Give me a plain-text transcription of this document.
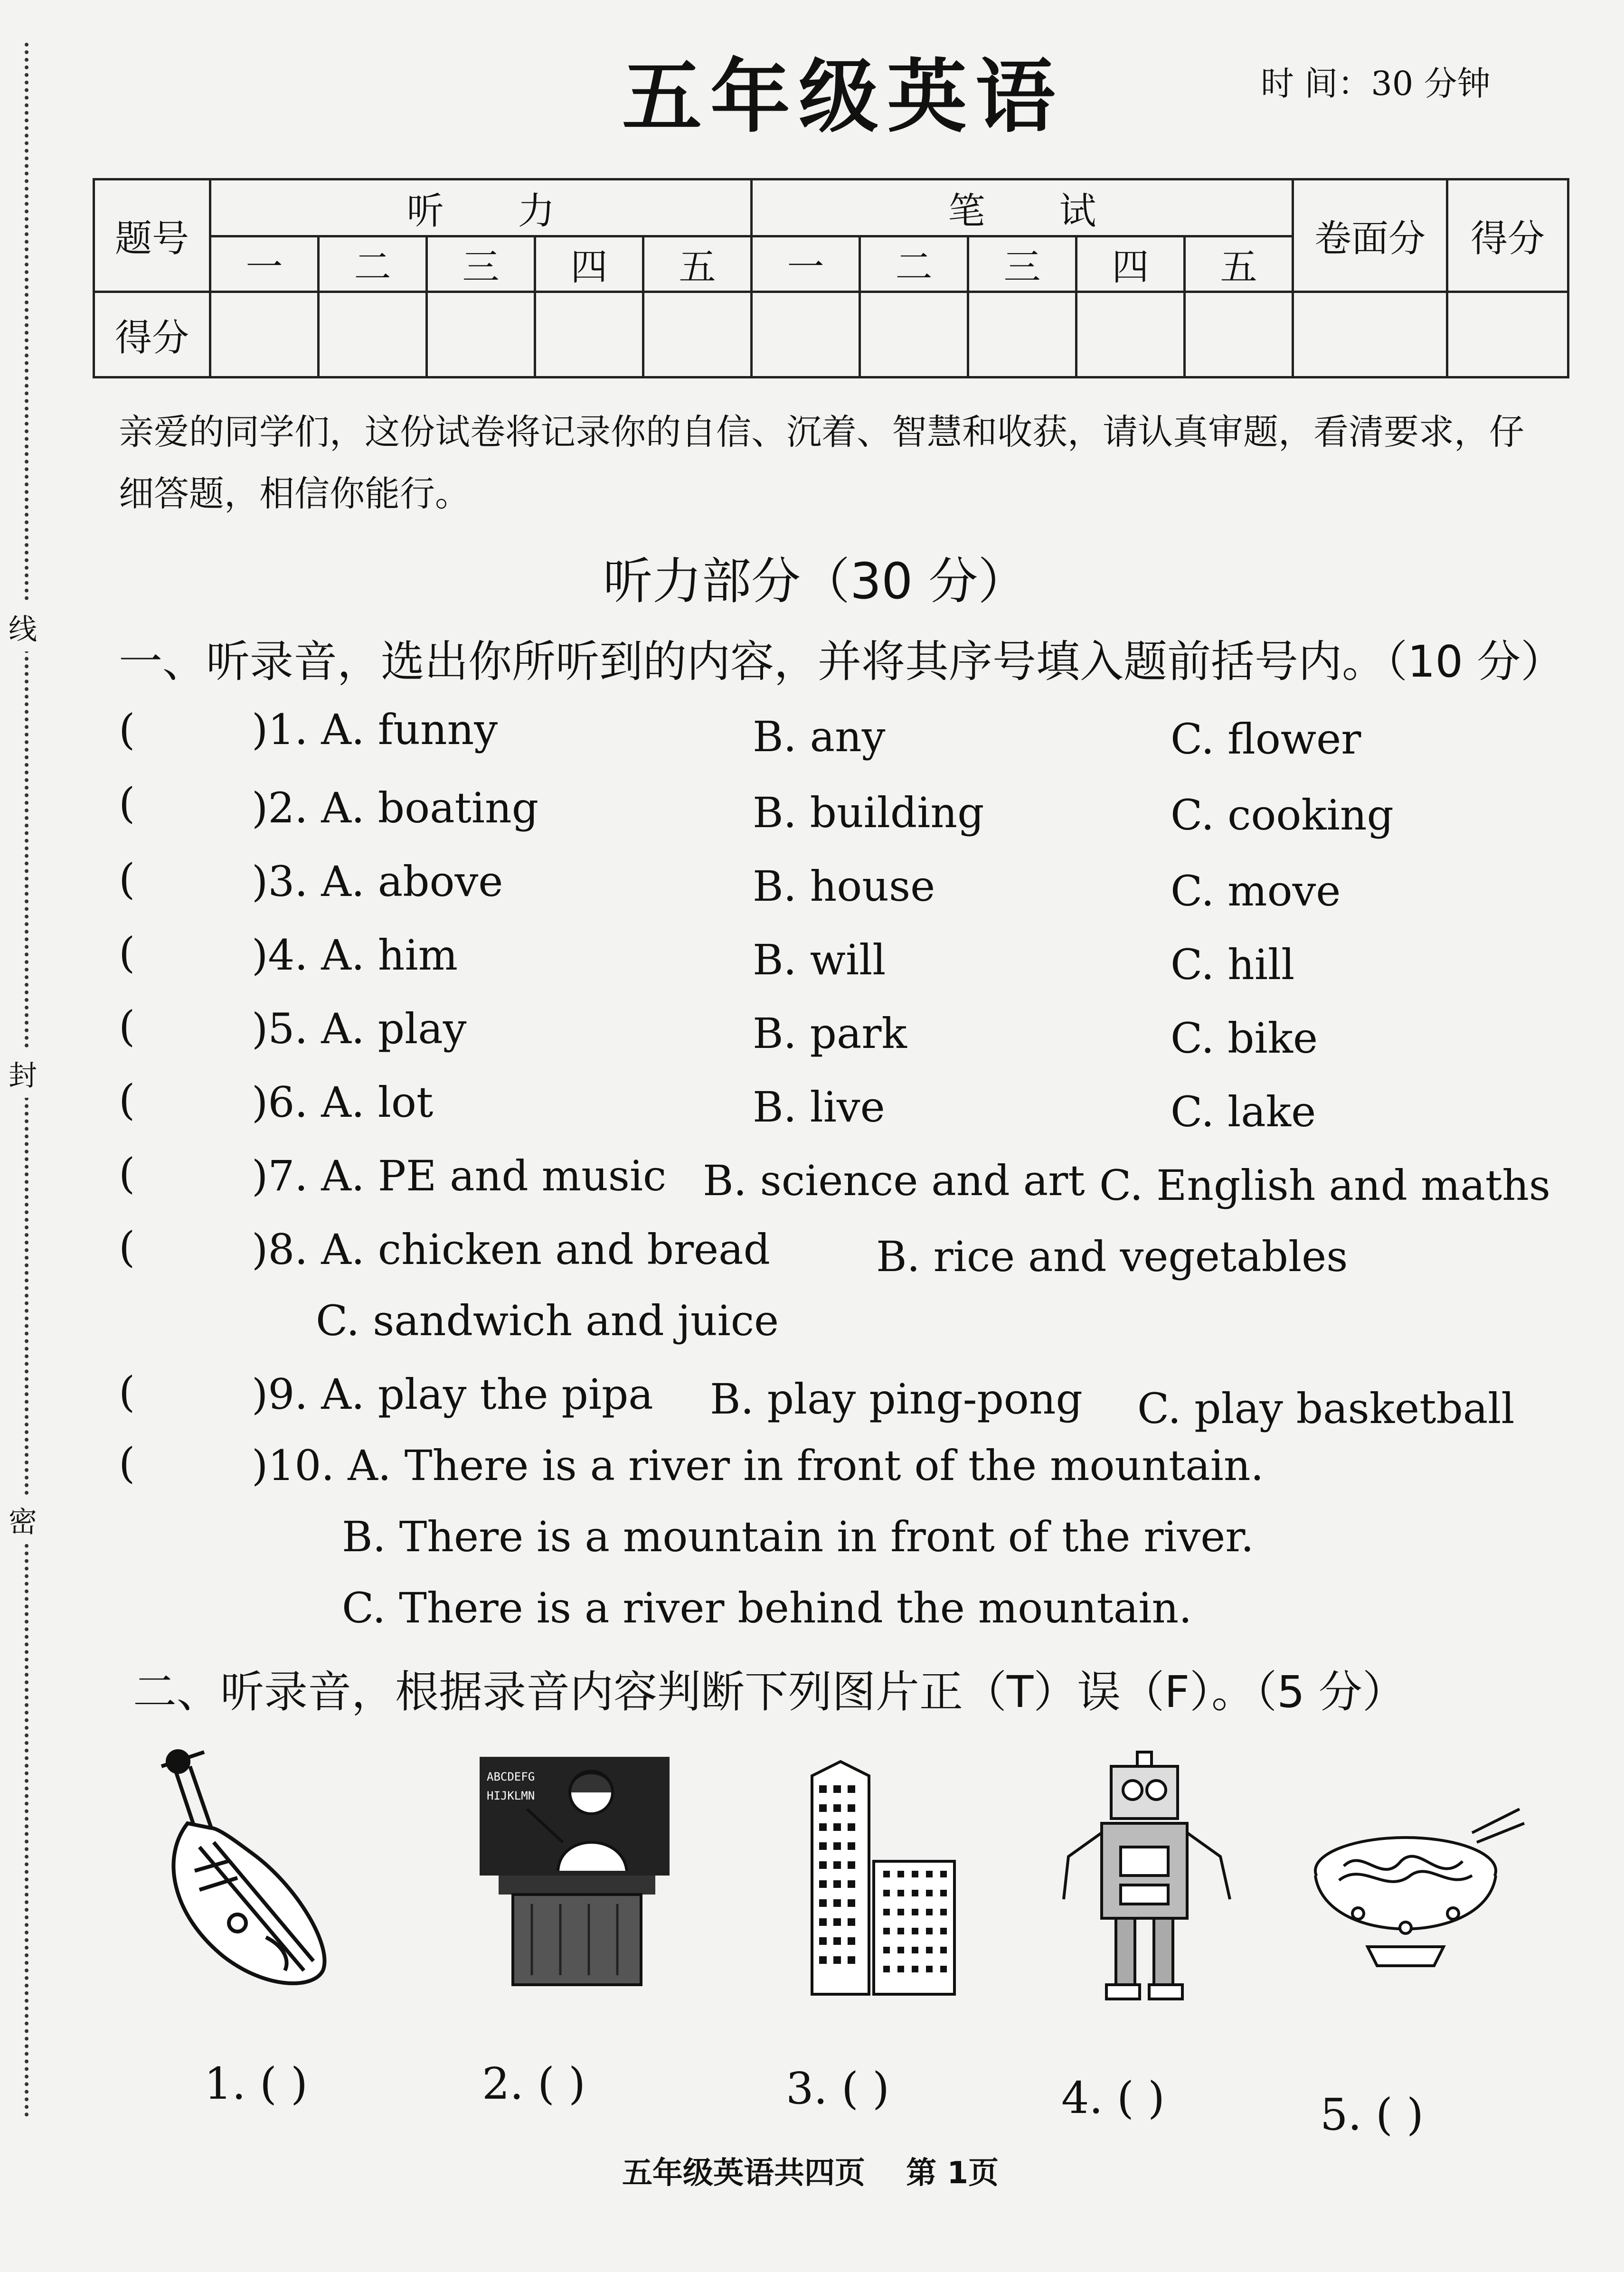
线
封
密
五年级英语	时 间：30 分钟
题号	听　　力					笔　　试					卷面分	得分
	一	二	三	四	五	一	二	三	四	五		
得分												
亲爱的同学们，这份试卷将记录你的自信、沉着、智慧和收获，请认真审题，看清要求，仔细答题，相信你能行。
听力部分（30 分）
一、听录音，选出你所听到的内容，并将其序号填入题前括号内。（10 分）
(	)1. A. funny	B. any	C. flower
(	)2. A. boating	B. building	C. cooking
(	)3. A. above	B. house	C. move
(	)4. A. him	B. will	C. hill
(	)5. A. play	B. park	C. bike
(	)6. A. lot	B. live	C. lake
(	)7. A. PE and music B. science and art C. English and maths
(	)8. A. chicken and bread	B. rice and vegetables
C. sandwich and juice
(	)9. A. play the pipa B. play ping-pong C. play basketball
(	)10. A. There is a river in front of the mountain.
B. There is a mountain in front of the river.
C. There is a river behind the mountain.
二、听录音，根据录音内容判断下列图片正（T）误（F）。（5 分）
ABCDEFG
HIJKLMN
1. ( )	2. ( )	3. ( )	4. ( )	5. ( )
五年级英语共四页　 第 1页
